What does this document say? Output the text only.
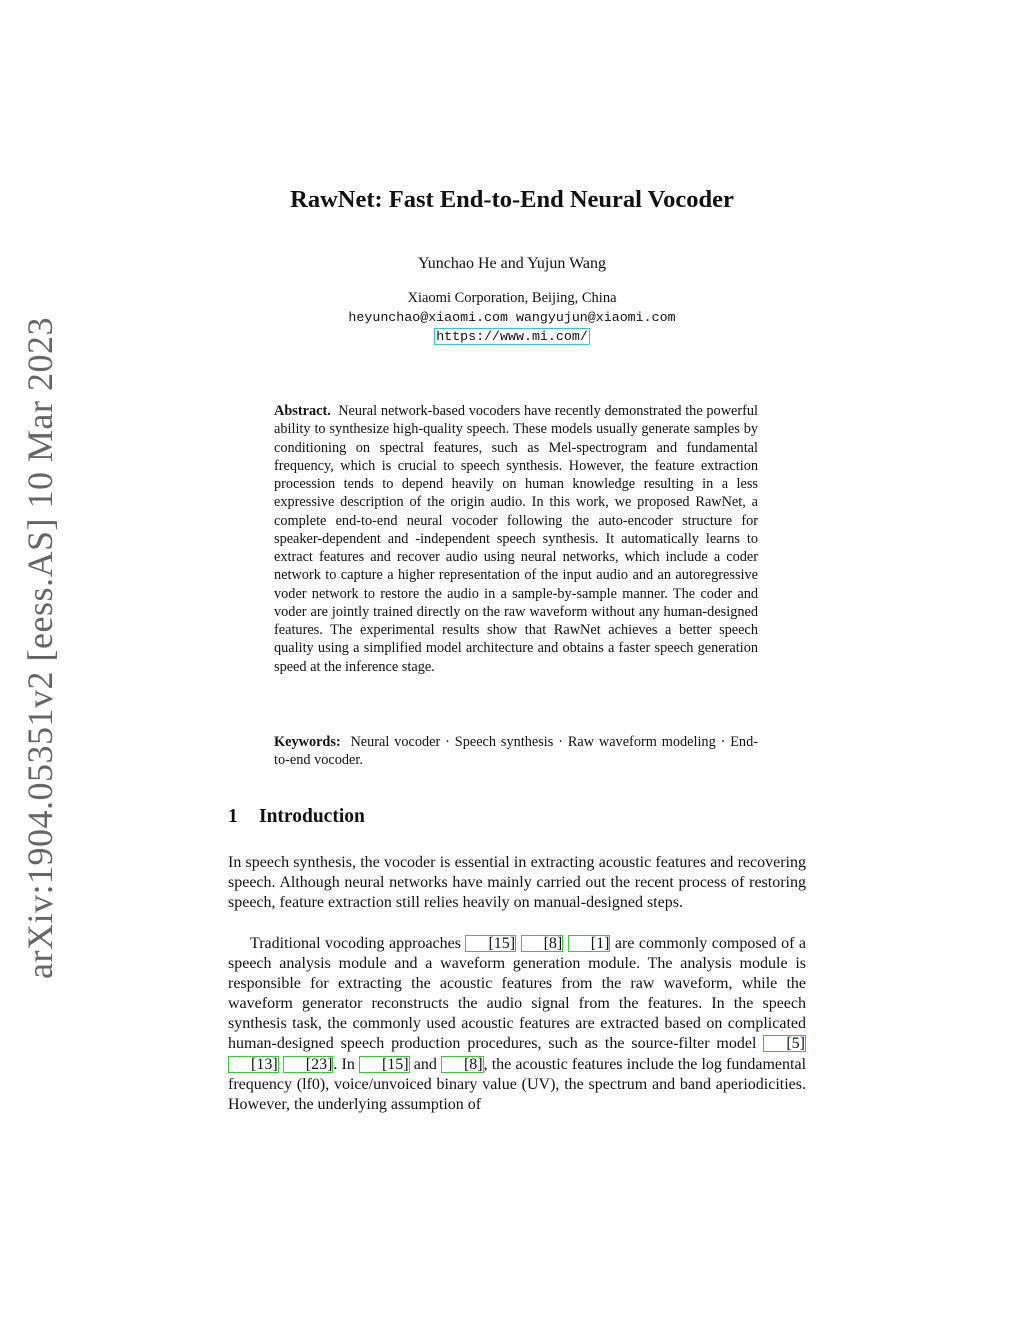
arXiv:1904.05351v2 [eess.AS] 10 Mar 2023
RawNet: Fast End-to-End Neural Vocoder
Yunchao He and Yujun Wang
Xiaomi Corporation, Beijing, China
heyunchao@xiaomi.com wangyujun@xiaomi.com
https://www.mi.com/

Abstract. Neural network-based vocoders have recently demonstrated the powerful ability to synthesize high-quality speech. These models usually generate samples by conditioning on spectral features, such as Mel-spectrogram and fundamental frequency, which is crucial to speech synthesis. However, the feature extraction procession tends to depend heavily on human knowledge resulting in a less expressive description of the origin audio. In this work, we proposed RawNet, a complete end-to-end neural vocoder following the auto-encoder structure for speaker-dependent and -independent speech synthesis. It automatically learns to extract features and recover audio using neural networks, which include a coder network to capture a higher representation of the input audio and an autoregressive voder network to restore the audio in a sample-by-sample manner. The coder and voder are jointly trained directly on the raw waveform without any human-designed features. The experimental results show that RawNet achieves a better speech quality using a simplified model architecture and obtains a faster speech generation speed at the inference stage.

Keywords: Neural vocoder · Speech synthesis · Raw waveform modeling · End-to-end vocoder.

1 Introduction

In speech synthesis, the vocoder is essential in extracting acoustic features and recovering speech. Although neural networks have mainly carried out the recent process of restoring speech, feature extraction still relies heavily on manual-designed steps.

Traditional vocoding approaches [15] [8] [1] are commonly composed of a speech analysis module and a waveform generation module. The analysis module is responsible for extracting the acoustic features from the raw waveform, while the waveform generator reconstructs the audio signal from the features. In the speech synthesis task, the commonly used acoustic features are extracted based on complicated human-designed speech production procedures, such as the source-filter model [5] [13] [23]. In [15] and [8], the acoustic features include the log fundamental frequency (lf0), voice/unvoiced binary value (UV), the spectrum and band aperiodicities. However, the underlying assumption of
